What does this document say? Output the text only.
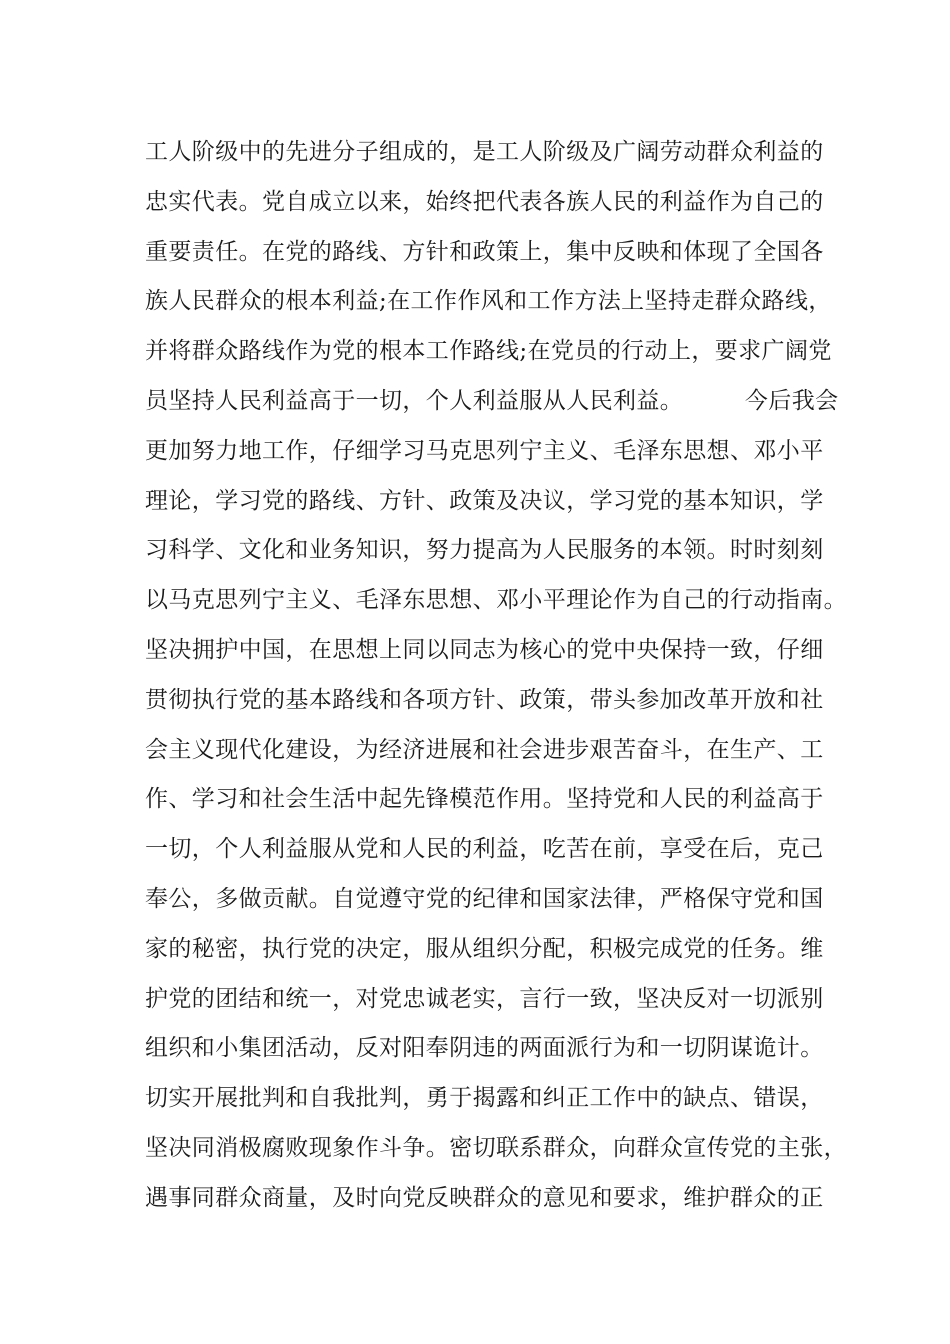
工人阶级中的先进分子组成的，是工人阶级及广阔劳动群众利益的
忠实代表。党自成立以来，始终把代表各族人民的利益作为自己的
重要责任。在党的路线、方针和政策上，集中反映和体现了全国各
族人民群众的根本利益;在工作作风和工作方法上坚持走群众路线，
并将群众路线作为党的根本工作路线;在党员的行动上，要求广阔党
员坚持人民利益高于一切，个人利益服从人民利益。        今后我会
更加努力地工作，仔细学习马克思列宁主义、毛泽东思想、邓小平
理论，学习党的路线、方针、政策及决议，学习党的基本知识，学
习科学、文化和业务知识，努力提高为人民服务的本领。时时刻刻
以马克思列宁主义、毛泽东思想、邓小平理论作为自己的行动指南。
坚决拥护中国，在思想上同以同志为核心的党中央保持一致，仔细
贯彻执行党的基本路线和各项方针、政策，带头参加改革开放和社
会主义现代化建设，为经济进展和社会进步艰苦奋斗，在生产、工
作、学习和社会生活中起先锋模范作用。坚持党和人民的利益高于
一切，个人利益服从党和人民的利益，吃苦在前，享受在后，克己
奉公，多做贡献。自觉遵守党的纪律和国家法律，严格保守党和国
家的秘密，执行党的决定，服从组织分配，积极完成党的任务。维
护党的团结和统一，对党忠诚老实，言行一致，坚决反对一切派别
组织和小集团活动，反对阳奉阴违的两面派行为和一切阴谋诡计。
切实开展批判和自我批判，勇于揭露和纠正工作中的缺点、错误，
坚决同消极腐败现象作斗争。密切联系群众，向群众宣传党的主张，
遇事同群众商量，及时向党反映群众的意见和要求，维护群众的正
